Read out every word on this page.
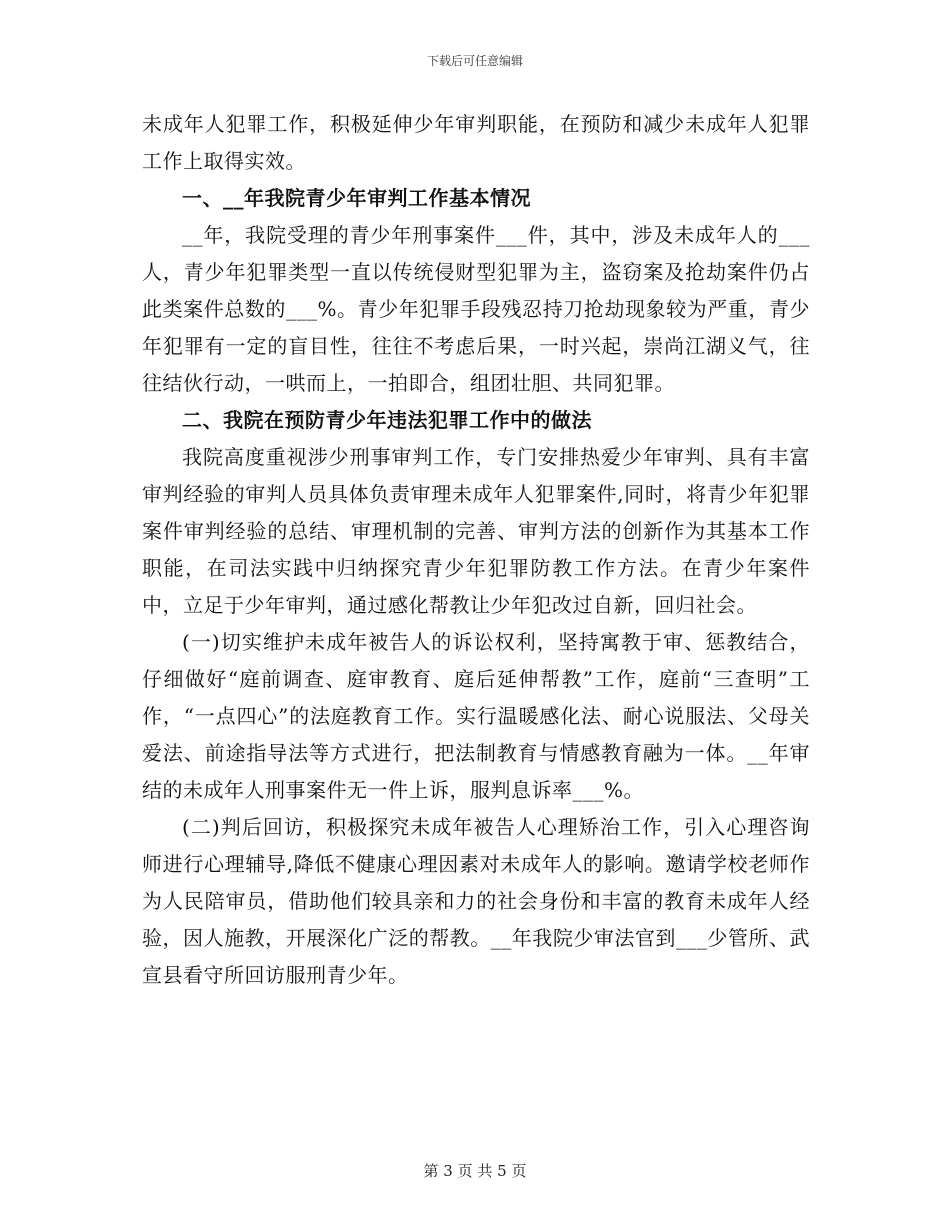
下载后可任意编辑

未成年人犯罪工作，积极延伸少年审判职能，在预防和减少未成年人犯罪工作上取得实效。

一、__年我院青少年审判工作基本情况

__年，我院受理的青少年刑事案件___件，其中，涉及未成年人的___人，青少年犯罪类型一直以传统侵财型犯罪为主，盗窃案及抢劫案件仍占此类案件总数的___%。青少年犯罪手段残忍持刀抢劫现象较为严重，青少年犯罪有一定的盲目性，往往不考虑后果，一时兴起，崇尚江湖义气，往往结伙行动，一哄而上，一拍即合，组团壮胆、共同犯罪。

二、我院在预防青少年违法犯罪工作中的做法

我院高度重视涉少刑事审判工作，专门安排热爱少年审判、具有丰富审判经验的审判人员具体负责审理未成年人犯罪案件,同时，将青少年犯罪案件审判经验的总结、审理机制的完善、审判方法的创新作为其基本工作职能，在司法实践中归纳探究青少年犯罪防教工作方法。在青少年案件中，立足于少年审判，通过感化帮教让少年犯改过自新，回归社会。

(一)切实维护未成年被告人的诉讼权利，坚持寓教于审、惩教结合，仔细做好“庭前调查、庭审教育、庭后延伸帮教”工作，庭前“三查明”工作，“一点四心”的法庭教育工作。实行温暖感化法、耐心说服法、父母关爱法、前途指导法等方式进行，把法制教育与情感教育融为一体。__年审结的未成年人刑事案件无一件上诉，服判息诉率___%。

(二)判后回访，积极探究未成年被告人心理矫治工作，引入心理咨询师进行心理辅导,降低不健康心理因素对未成年人的影响。邀请学校老师作为人民陪审员，借助他们较具亲和力的社会身份和丰富的教育未成年人经验，因人施教，开展深化广泛的帮教。__年我院少审法官到___少管所、武宣县看守所回访服刑青少年。

第 3 页 共 5 页
